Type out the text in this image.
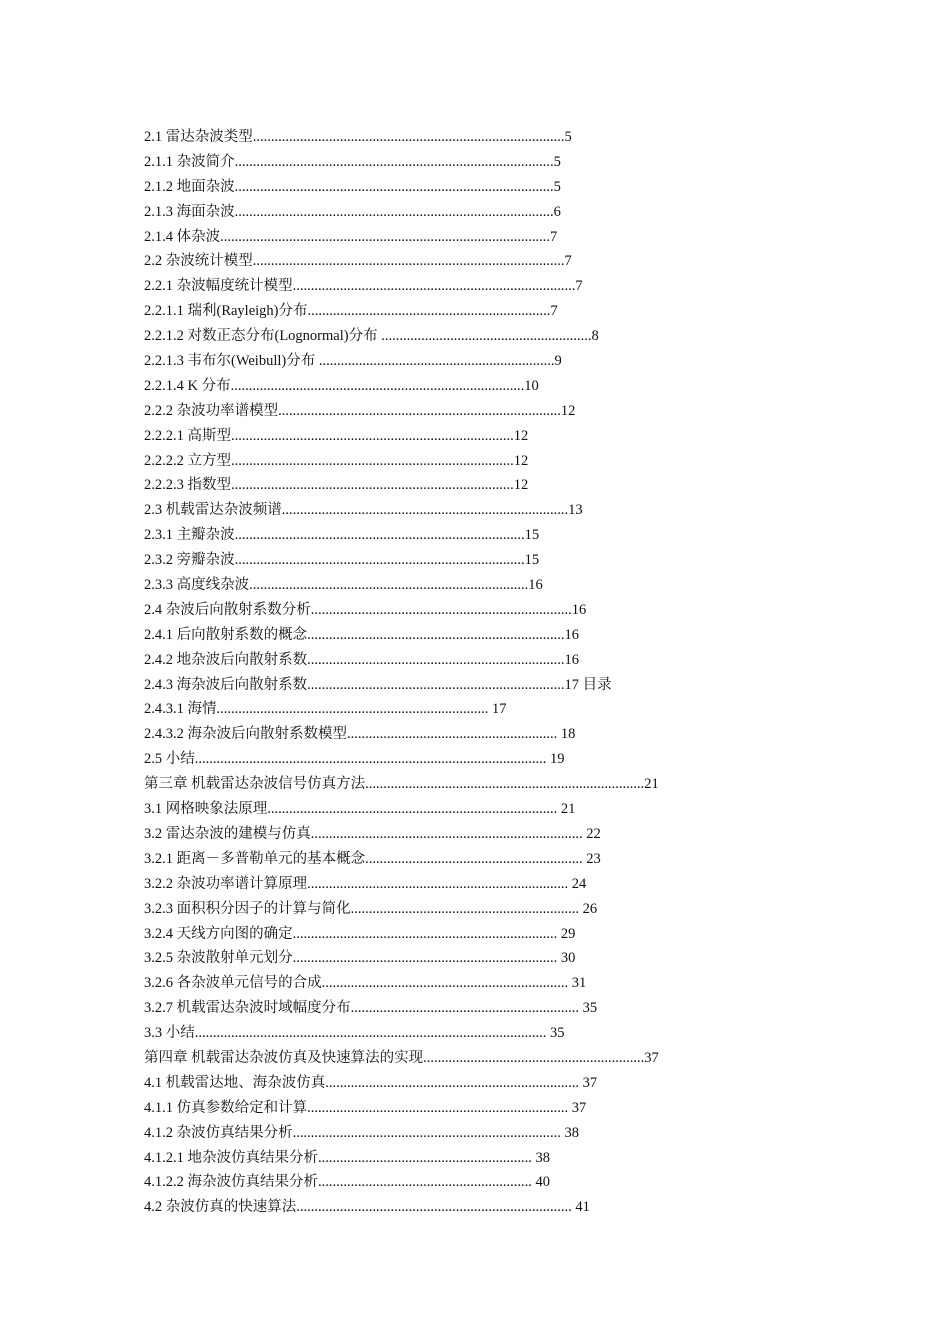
2.1 雷达杂波类型......................................................................................5
2.1.1 杂波简介........................................................................................5
2.1.2 地面杂波........................................................................................5
2.1.3 海面杂波........................................................................................6
2.1.4 体杂波...........................................................................................7
2.2 杂波统计模型......................................................................................7
2.2.1 杂波幅度统计模型..............................................................................7
2.2.1.1 瑞利(Rayleigh)分布...................................................................7
2.2.1.2 对数正态分布(Lognormal)分布 ..........................................................8
2.2.1.3 韦布尔(Weibull)分布 .................................................................9
2.2.1.4 K 分布.................................................................................10
2.2.2 杂波功率谱模型..............................................................................12
2.2.2.1 高斯型..............................................................................12
2.2.2.2 立方型..............................................................................12
2.2.2.3 指数型..............................................................................12
2.3 机载雷达杂波频谱...............................................................................13
2.3.1 主瓣杂波................................................................................15
2.3.2 旁瓣杂波................................................................................15
2.3.3 高度线杂波.............................................................................16
2.4 杂波后向散射系数分析........................................................................16
2.4.1 后向散射系数的概念.......................................................................16
2.4.2 地杂波后向散射系数.......................................................................16
2.4.3 海杂波后向散射系数.......................................................................17 目录
2.4.3.1 海情........................................................................... 17
2.4.3.2 海杂波后向散射系数模型.......................................................... 18
2.5 小结................................................................................................. 19
第三章 机载雷达杂波信号仿真方法.............................................................................21
3.1 网格映象法原理................................................................................ 21
3.2 雷达杂波的建模与仿真........................................................................... 22
3.2.1 距离－多普勒单元的基本概念............................................................ 23
3.2.2 杂波功率谱计算原理........................................................................ 24
3.2.3 面积积分因子的计算与简化............................................................... 26
3.2.4 天线方向图的确定......................................................................... 29
3.2.5 杂波散射单元划分......................................................................... 30
3.2.6 各杂波单元信号的合成.................................................................... 31
3.2.7 机载雷达杂波时域幅度分布............................................................... 35
3.3 小结................................................................................................. 35
第四章 机载雷达杂波仿真及快速算法的实现.............................................................37
4.1 机载雷达地、海杂波仿真...................................................................... 37
4.1.1 仿真参数给定和计算........................................................................ 37
4.1.2 杂波仿真结果分析.......................................................................... 38
4.1.2.1 地杂波仿真结果分析........................................................... 38
4.1.2.2 海杂波仿真结果分析........................................................... 40
4.2 杂波仿真的快速算法............................................................................ 41
